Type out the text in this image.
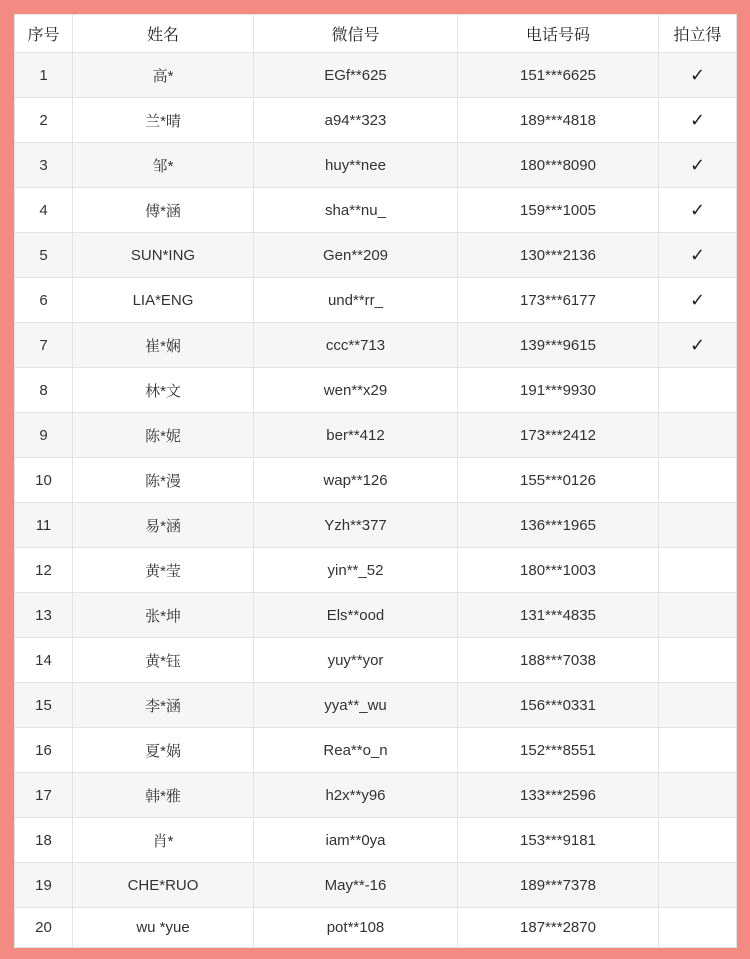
序号	姓名	微信号	电话号码	拍立得
1	高*	EGf**625	151***6625	✓
2	兰*晴	a94**323	189***4818	✓
3	邹*	huy**nee	180***8090	✓
4	傅*涵	sha**nu_	159***1005	✓
5	SUN*ING	Gen**209	130***2136	✓
6	LIA*ENG	und**rr_	173***6177	✓
7	崔*娴	ccc**713	139***9615	✓
8	林*文	wen**x29	191***9930	
9	陈*妮	ber**412	173***2412	
10	陈*漫	wap**126	155***0126	
11	易*涵	Yzh**377	136***1965	
12	黄*莹	yin**_52	180***1003	
13	张*坤	Els**ood	131***4835	
14	黄*钰	yuy**yor	188***7038	
15	李*涵	yya**_wu	156***0331	
16	夏*娲	Rea**o_n	152***8551	
17	韩*雅	h2x**y96	133***2596	
18	肖*	iam**0ya	153***9181	
19	CHE*RUO	May**-16	189***7378	
20	wu *yue	pot**108	187***2870	
